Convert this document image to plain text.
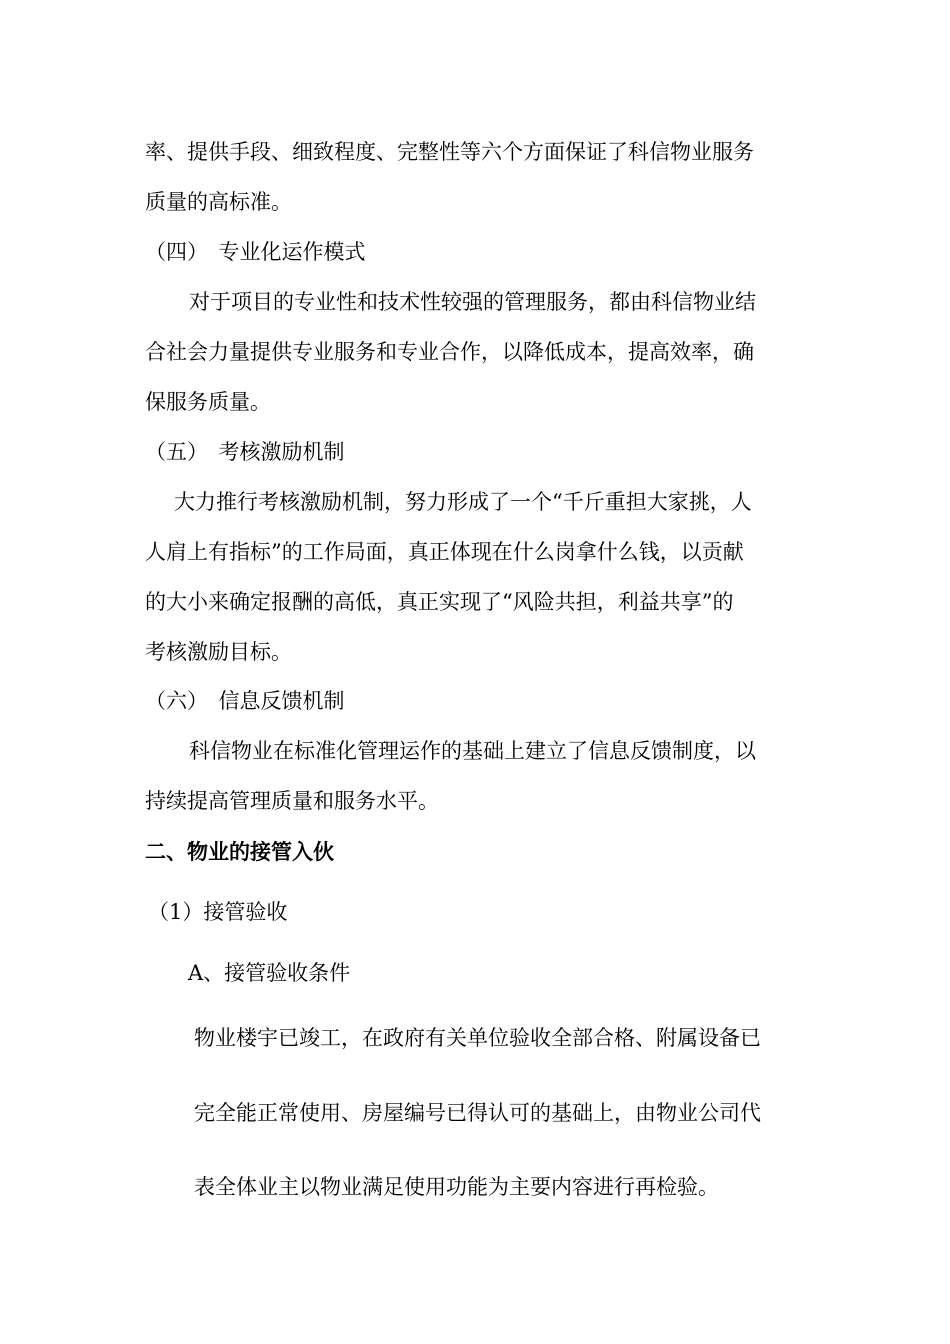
率、提供手段、细致程度、完整性等六个方面保证了科信物业服务
质量的高标准。
（四）　专业化运作模式
　对于项目的专业性和技术性较强的管理服务，都由科信物业结
合社会力量提供专业服务和专业合作，以降低成本，提高效率，确
保服务质量。
（五）　考核激励机制
　大力推行考核激励机制，努力形成了一个“千斤重担大家挑，人
人肩上有指标”的工作局面，真正体现在什么岗拿什么钱，以贡献
的大小来确定报酬的高低，真正实现了“风险共担，利益共享”的
考核激励目标。
（六）　信息反馈机制
　科信物业在标准化管理运作的基础上建立了信息反馈制度，以
持续提高管理质量和服务水平。
二、物业的接管入伙
（1）接管验收
A、接管验收条件
物业楼宇已竣工，在政府有关单位验收全部合格、附属设备已
完全能正常使用、房屋编号已得认可的基础上，由物业公司代
表全体业主以物业满足使用功能为主要内容进行再检验。
